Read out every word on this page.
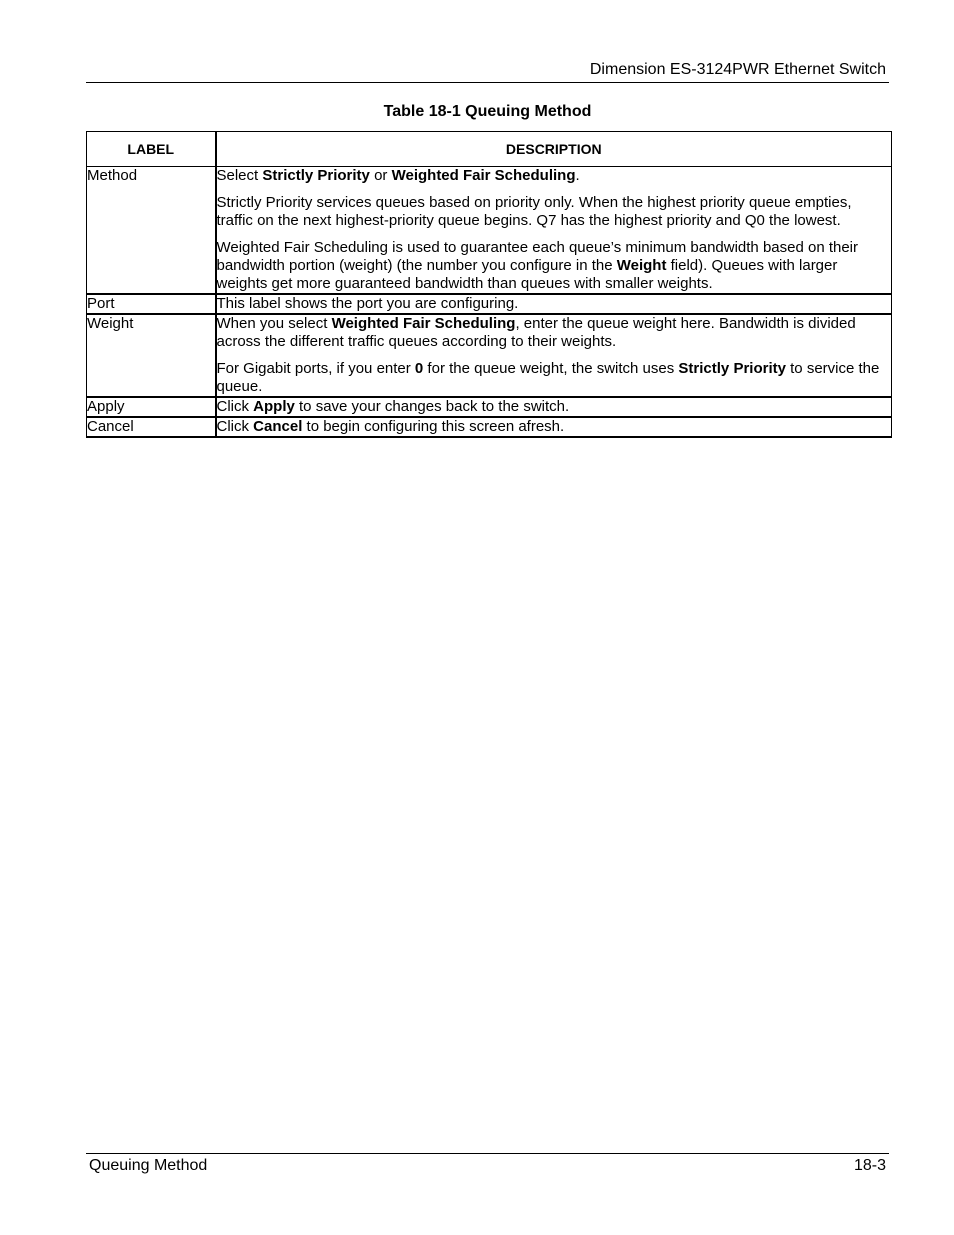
Dimension ES-3124PWR Ethernet Switch
Table 18-1 Queuing Method
LABEL	DESCRIPTION
Method	Select Strictly Priority or Weighted Fair Scheduling.

Strictly Priority services queues based on priority only. When the highest priority queue empties, traffic on the next highest-priority queue begins. Q7 has the highest priority and Q0 the lowest.

Weighted Fair Scheduling is used to guarantee each queue’s minimum bandwidth based on their bandwidth portion (weight) (the number you configure in the Weight field). Queues with larger weights get more guaranteed bandwidth than queues with smaller weights.

Port	This label shows the port you are configuring.

Weight	When you select Weighted Fair Scheduling, enter the queue weight here. Bandwidth is divided across the different traffic queues according to their weights.

For Gigabit ports, if you enter 0 for the queue weight, the switch uses Strictly Priority to service the queue.

Apply	Click Apply to save your changes back to the switch.

Cancel	Click Cancel to begin configuring this screen afresh.

Queuing Method	18-3
